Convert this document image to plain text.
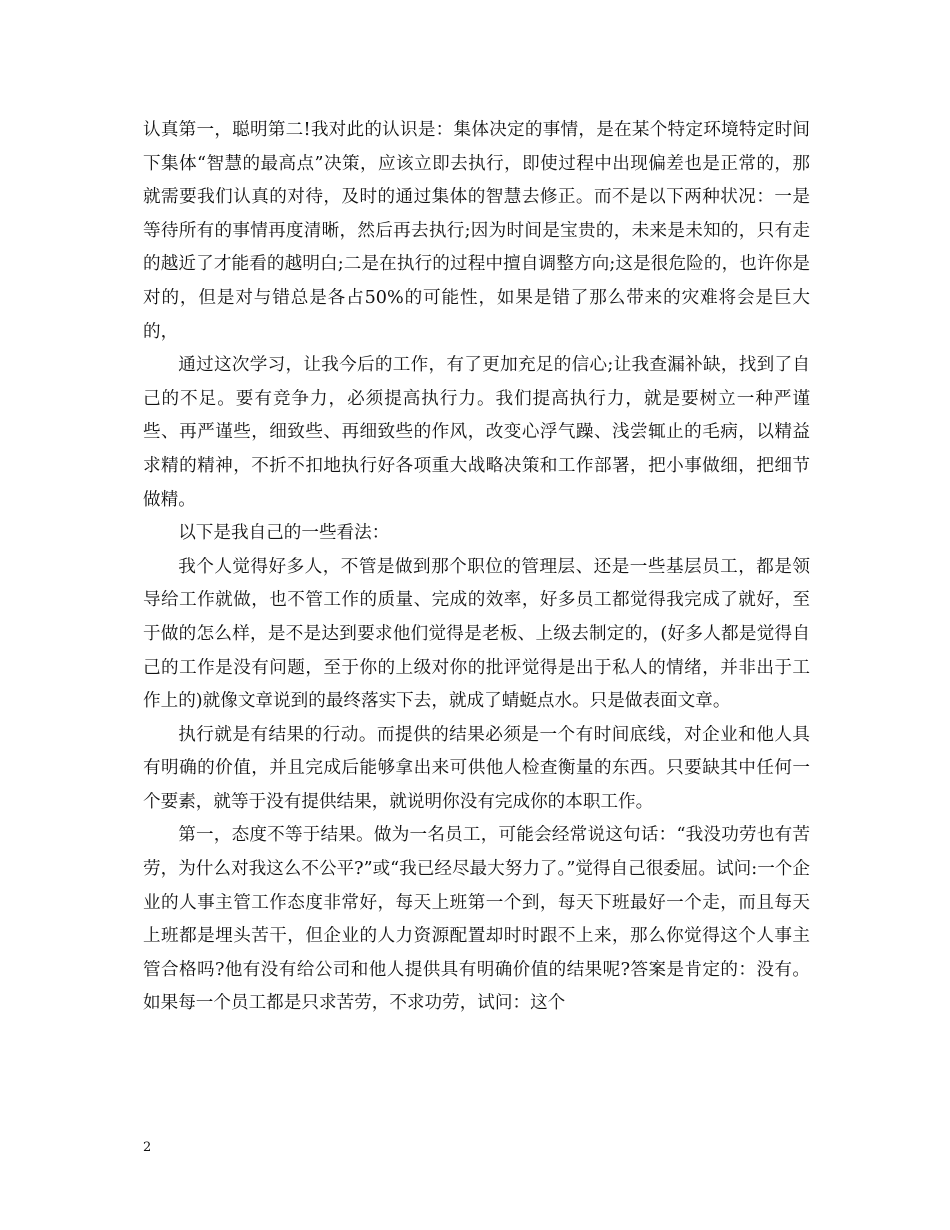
认真第一，聪明第二!我对此的认识是：集体决定的事情，是在某个特定环境特定时间下集体“智慧的最高点”决策，应该立即去执行，即使过程中出现偏差也是正常的，那就需要我们认真的对待，及时的通过集体的智慧去修正。而不是以下两种状况：一是等待所有的事情再度清晰，然后再去执行;因为时间是宝贵的，未来是未知的，只有走的越近了才能看的越明白;二是在执行的过程中擅自调整方向;这是很危险的，也许你是对的，但是对与错总是各占50%的可能性，如果是错了那么带来的灾难将会是巨大的，

通过这次学习，让我今后的工作，有了更加充足的信心;让我查漏补缺，找到了自己的不足。要有竞争力，必须提高执行力。我们提高执行力，就是要树立一种严谨些、再严谨些，细致些、再细致些的作风，改变心浮气躁、浅尝辄止的毛病，以精益求精的精神，不折不扣地执行好各项重大战略决策和工作部署，把小事做细，把细节做精。

以下是我自己的一些看法：

我个人觉得好多人，不管是做到那个职位的管理层、还是一些基层员工，都是领导给工作就做，也不管工作的质量、完成的效率，好多员工都觉得我完成了就好，至于做的怎么样，是不是达到要求他们觉得是老板、上级去制定的，(好多人都是觉得自己的工作是没有问题，至于你的上级对你的批评觉得是出于私人的情绪，并非出于工作上的)就像文章说到的最终落实下去，就成了蜻蜓点水。只是做表面文章。

执行就是有结果的行动。而提供的结果必须是一个有时间底线，对企业和他人具有明确的价值，并且完成后能够拿出来可供他人检查衡量的东西。只要缺其中任何一个要素，就等于没有提供结果，就说明你没有完成你的本职工作。

第一，态度不等于结果。做为一名员工，可能会经常说这句话：“我没功劳也有苦劳，为什么对我这么不公平?”或“我已经尽最大努力了。”觉得自己很委屈。试问:一个企业的人事主管工作态度非常好，每天上班第一个到，每天下班最好一个走，而且每天上班都是埋头苦干，但企业的人力资源配置却时时跟不上来，那么你觉得这个人事主管合格吗?他有没有给公司和他人提供具有明确价值的结果呢?答案是肯定的：没有。如果每一个员工都是只求苦劳，不求功劳，试问：这个

2
